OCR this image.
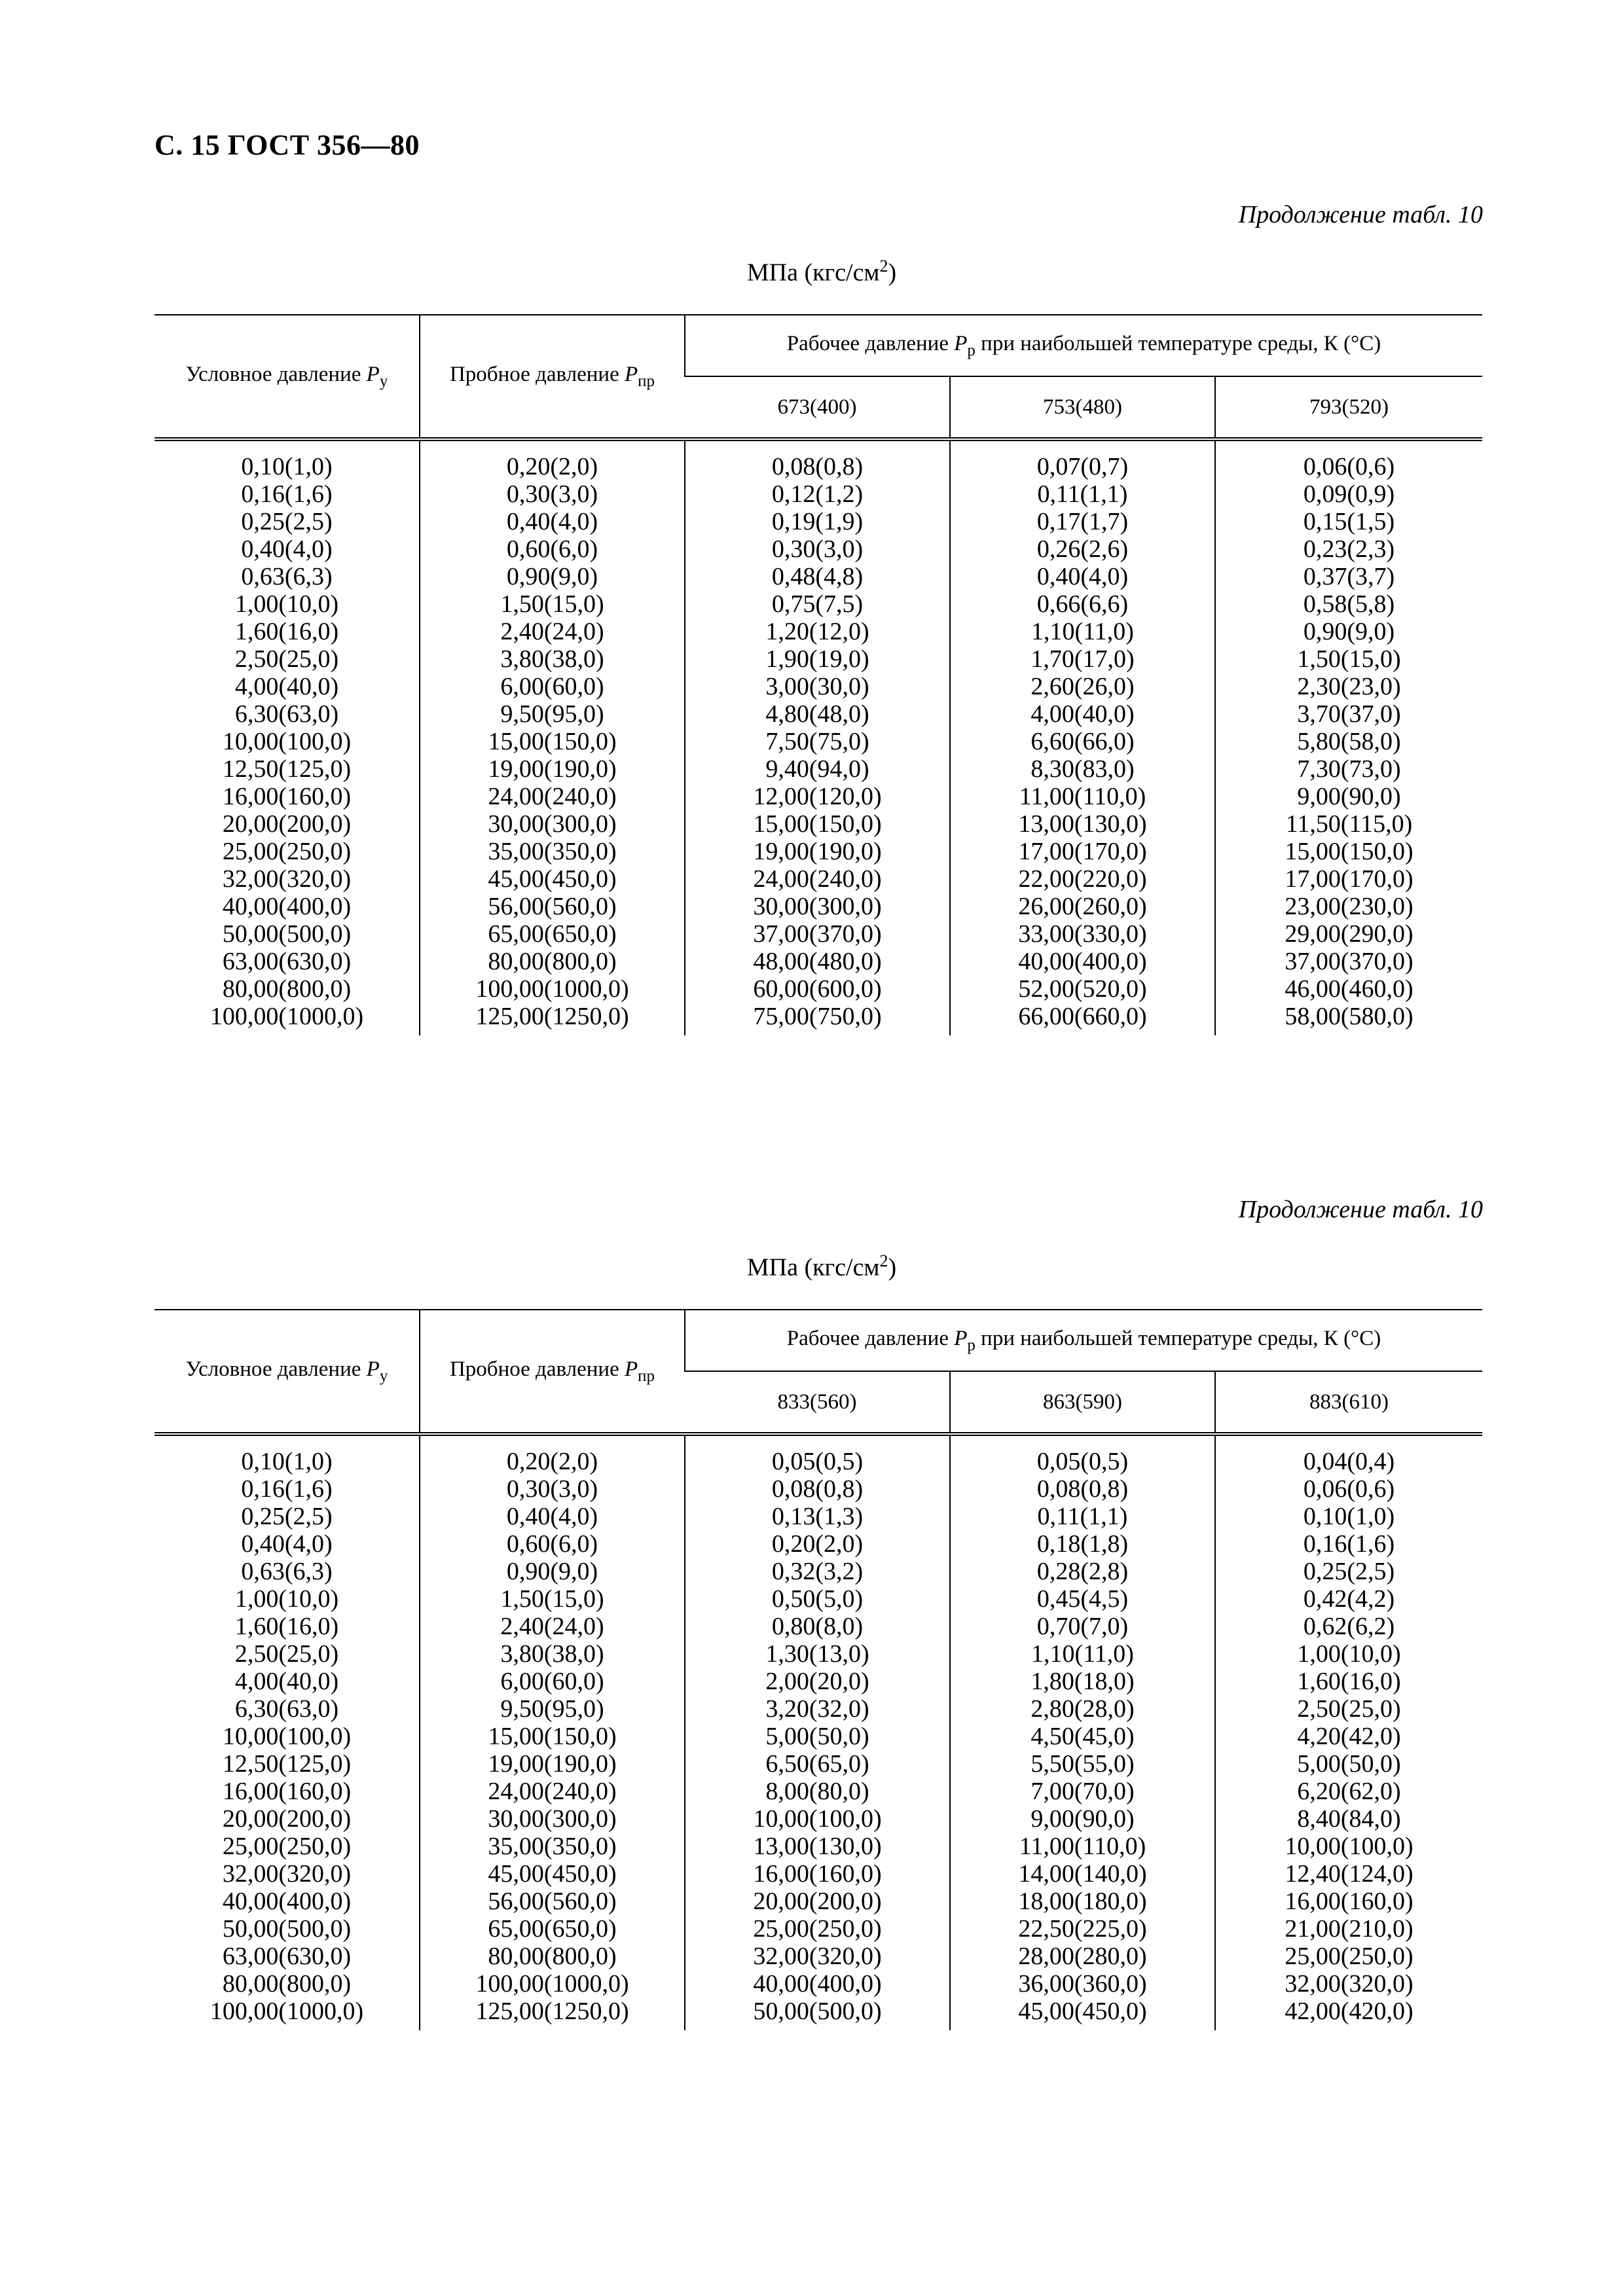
С. 15 ГОСТ 356—80
Продолжение табл. 10
МПа $(кгс/см^2)$
Условное давление $P_у$	Пробное давление $P_{пр}$	Рабочее давление $P_р$ при наибольшей температуре среды, К (°С)		
		673(400)	753(480)	793(520)
0,10(1,0)	0,20(2,0)	0,08(0,8)	0,07(0,7)	0,06(0,6)
0,16(1,6)	0,30(3,0)	0,12(1,2)	0,11(1,1)	0,09(0,9)
0,25(2,5)	0,40(4,0)	0,19(1,9)	0,17(1,7)	0,15(1,5)
0,40(4,0)	0,60(6,0)	0,30(3,0)	0,26(2,6)	0,23(2,3)
0,63(6,3)	0,90(9,0)	0,48(4,8)	0,40(4,0)	0,37(3,7)
1,00(10,0)	1,50(15,0)	0,75(7,5)	0,66(6,6)	0,58(5,8)
1,60(16,0)	2,40(24,0)	1,20(12,0)	1,10(11,0)	0,90(9,0)
2,50(25,0)	3,80(38,0)	1,90(19,0)	1,70(17,0)	1,50(15,0)
4,00(40,0)	6,00(60,0)	3,00(30,0)	2,60(26,0)	2,30(23,0)
6,30(63,0)	9,50(95,0)	4,80(48,0)	4,00(40,0)	3,70(37,0)
10,00(100,0)	15,00(150,0)	7,50(75,0)	6,60(66,0)	5,80(58,0)
12,50(125,0)	19,00(190,0)	9,40(94,0)	8,30(83,0)	7,30(73,0)
16,00(160,0)	24,00(240,0)	12,00(120,0)	11,00(110,0)	9,00(90,0)
20,00(200,0)	30,00(300,0)	15,00(150,0)	13,00(130,0)	11,50(115,0)
25,00(250,0)	35,00(350,0)	19,00(190,0)	17,00(170,0)	15,00(150,0)
32,00(320,0)	45,00(450,0)	24,00(240,0)	22,00(220,0)	17,00(170,0)
40,00(400,0)	56,00(560,0)	30,00(300,0)	26,00(260,0)	23,00(230,0)
50,00(500,0)	65,00(650,0)	37,00(370,0)	33,00(330,0)	29,00(290,0)
63,00(630,0)	80,00(800,0)	48,00(480,0)	40,00(400,0)	37,00(370,0)
80,00(800,0)	100,00(1000,0)	60,00(600,0)	52,00(520,0)	46,00(460,0)
100,00(1000,0)	125,00(1250,0)	75,00(750,0)	66,00(660,0)	58,00(580,0)
Продолжение табл. 10
МПа $(кгс/см^2)$
Условное давление $P_у$	Пробное давление $P_{пр}$	Рабочее давление $P_р$ при наибольшей температуре среды, К (°С)		
		833(560)	863(590)	883(610)
0,10(1,0)	0,20(2,0)	0,05(0,5)	0,05(0,5)	0,04(0,4)
0,16(1,6)	0,30(3,0)	0,08(0,8)	0,08(0,8)	0,06(0,6)
0,25(2,5)	0,40(4,0)	0,13(1,3)	0,11(1,1)	0,10(1,0)
0,40(4,0)	0,60(6,0)	0,20(2,0)	0,18(1,8)	0,16(1,6)
0,63(6,3)	0,90(9,0)	0,32(3,2)	0,28(2,8)	0,25(2,5)
1,00(10,0)	1,50(15,0)	0,50(5,0)	0,45(4,5)	0,42(4,2)
1,60(16,0)	2,40(24,0)	0,80(8,0)	0,70(7,0)	0,62(6,2)
2,50(25,0)	3,80(38,0)	1,30(13,0)	1,10(11,0)	1,00(10,0)
4,00(40,0)	6,00(60,0)	2,00(20,0)	1,80(18,0)	1,60(16,0)
6,30(63,0)	9,50(95,0)	3,20(32,0)	2,80(28,0)	2,50(25,0)
10,00(100,0)	15,00(150,0)	5,00(50,0)	4,50(45,0)	4,20(42,0)
12,50(125,0)	19,00(190,0)	6,50(65,0)	5,50(55,0)	5,00(50,0)
16,00(160,0)	24,00(240,0)	8,00(80,0)	7,00(70,0)	6,20(62,0)
20,00(200,0)	30,00(300,0)	10,00(100,0)	9,00(90,0)	8,40(84,0)
25,00(250,0)	35,00(350,0)	13,00(130,0)	11,00(110,0)	10,00(100,0)
32,00(320,0)	45,00(450,0)	16,00(160,0)	14,00(140,0)	12,40(124,0)
40,00(400,0)	56,00(560,0)	20,00(200,0)	18,00(180,0)	16,00(160,0)
50,00(500,0)	65,00(650,0)	25,00(250,0)	22,50(225,0)	21,00(210,0)
63,00(630,0)	80,00(800,0)	32,00(320,0)	28,00(280,0)	25,00(250,0)
80,00(800,0)	100,00(1000,0)	40,00(400,0)	36,00(360,0)	32,00(320,0)
100,00(1000,0)	125,00(1250,0)	50,00(500,0)	45,00(450,0)	42,00(420,0)
